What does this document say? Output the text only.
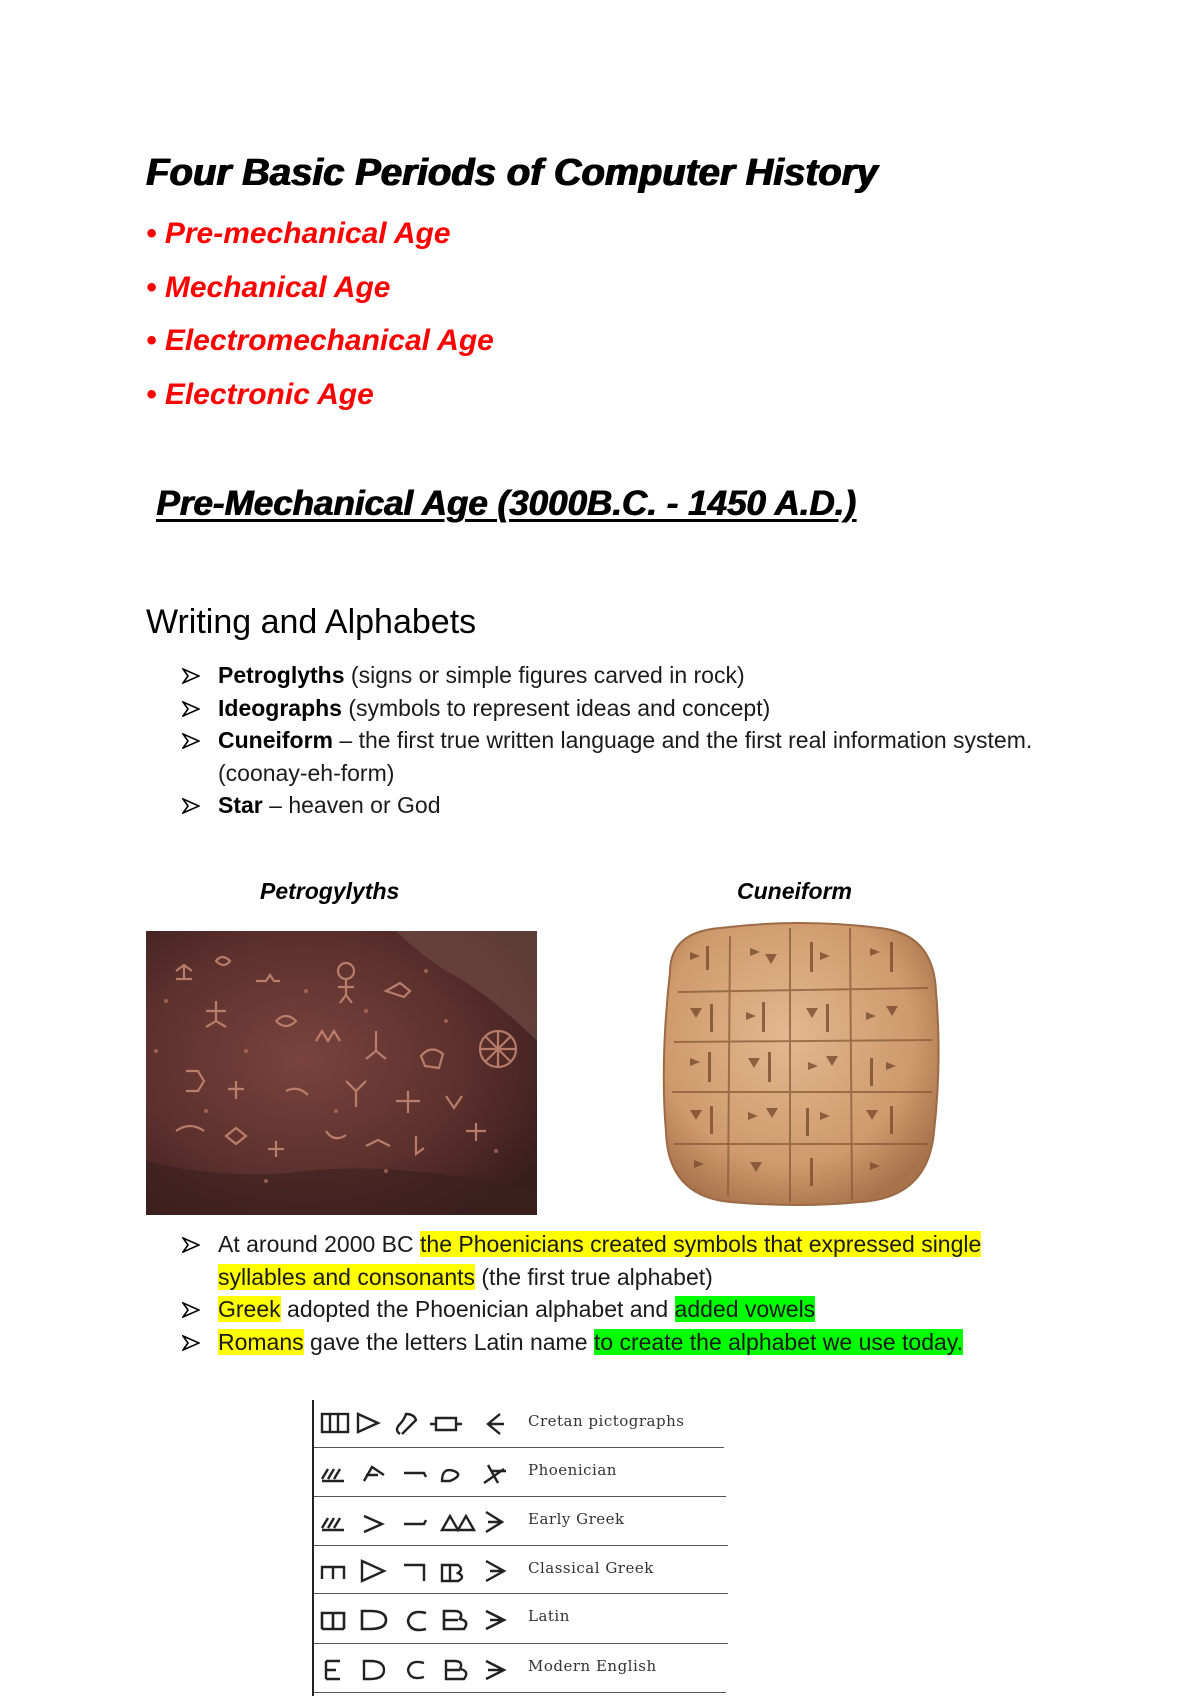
Four Basic Periods of Computer History
• Pre-mechanical Age
• Mechanical Age
• Electromechanical Age
• Electronic Age
Pre-Mechanical Age (3000B.C. - 1450 A.D.)
Writing and Alphabets
Petroglyths (signs or simple figures carved in rock)
Ideographs (symbols to represent ideas and concept)
Cuneiform – the first true written language and the first real information system. (coonay-eh-form)
Star – heaven or God
Petrogylyths	Cuneiform
At around 2000 BC the Phoenicians created symbols that expressed single syllables and consonants (the first true alphabet)
Greek adopted the Phoenician alphabet and added vowels
Romans gave the letters Latin name to create the alphabet we use today.
Cretan pictographs
Phoenician
Early Greek
Classical Greek
Latin
Modern English
